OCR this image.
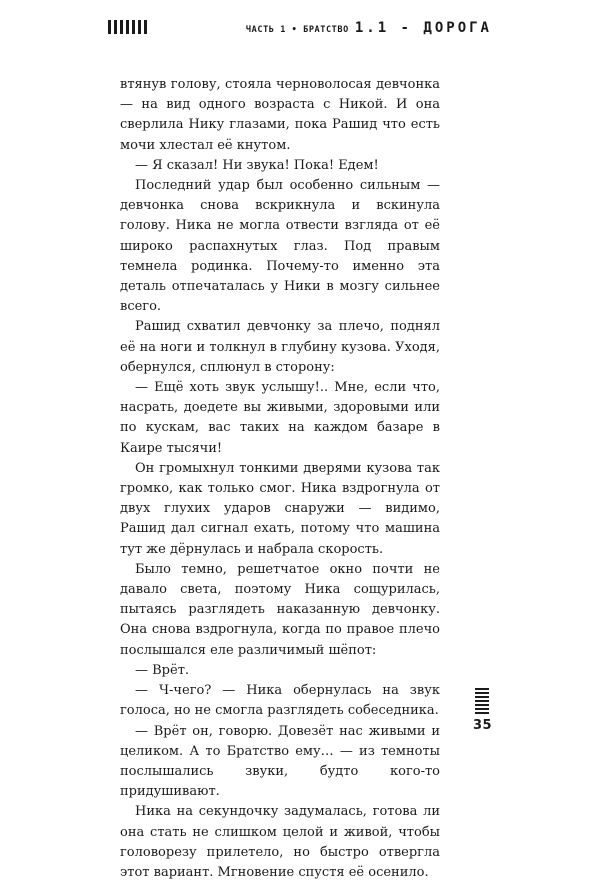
ЧАСТЬ 1 • БРАТСТВО 1.1 - ДОРОГА

втянув голову, стояла черноволосая девчонка — на вид одного возраста с Никой. И она сверлила Нику глазами, пока Рашид что есть мочи хлестал её кнутом.

— Я сказал! Ни звука! Пока! Едем!

Последний удар был особенно сильным — девчонка снова вскрикнула и вскинула голову. Ника не могла отвести взгляда от её широко распахнутых глаз. Под правым темнела родинка. Почему-то именно эта деталь отпечаталась у Ники в мозгу сильнее всего.

Рашид схватил девчонку за плечо, поднял её на ноги и толкнул в глубину кузова. Уходя, обернулся, сплюнул в сторону:

— Ещё хоть звук услышу!.. Мне, если что, насрать, доедете вы живыми, здоровыми или по кускам, вас таких на каждом базаре в Каире тысячи!

Он громыхнул тонкими дверями кузова так громко, как только смог. Ника вздрогнула от двух глухих ударов снаружи — видимо, Рашид дал сигнал ехать, потому что машина тут же дёрнулась и набрала скорость.

Было темно, решетчатое окно почти не давало света, поэтому Ника сощурилась, пытаясь разглядеть наказанную девчонку. Она снова вздрогнула, когда по правое плечо послышался еле различимый шёпот:

— Врёт.

— Ч-чего? — Ника обернулась на звук голоса, но не смогла разглядеть собеседника.

— Врёт он, говорю. Довезёт нас живыми и целиком. А то Братство ему… — из темноты послышались звуки, будто кого-то придушивают.

Ника на секундочку задумалась, готова ли она стать не слишком целой и живой, чтобы головорезу прилетело, но быстро отвергла этот вариант. Мгновение спустя её осенило.

35
